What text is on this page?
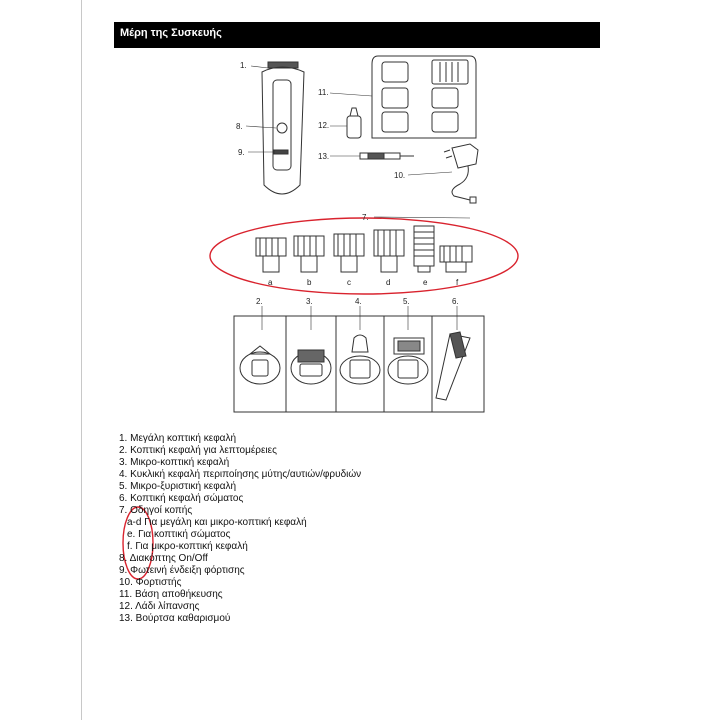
Μέρη της Συσκευής
1.
8.
9.
11.
12.
13.
10.
7.
a	b	c	d	e	f
2.	3.	4.	5.	6.
1. Μεγάλη κοπτική κεφαλή
2. Κοπτική κεφαλή για λεπτομέρειες
3. Μικρο-κοπτική κεφαλή
4. Κυκλική κεφαλή περιποίησης μύτης/αυτιών/φρυδιών
5. Μικρο-ξυριστική κεφαλή
6. Κοπτική κεφαλή σώματος
7. Οδηγοί κοπής
a-d Για μεγάλη και μικρο-κοπτική κεφαλή
e. Για κοπτική σώματος
f. Για μικρο-κοπτική κεφαλή
8. Διακόπτης On/Off
9. Φωτεινή ένδειξη φόρτισης
10. Φορτιστής
11. Βάση αποθήκευσης
12. Λάδι λίπανσης
13. Βούρτσα καθαρισμού
